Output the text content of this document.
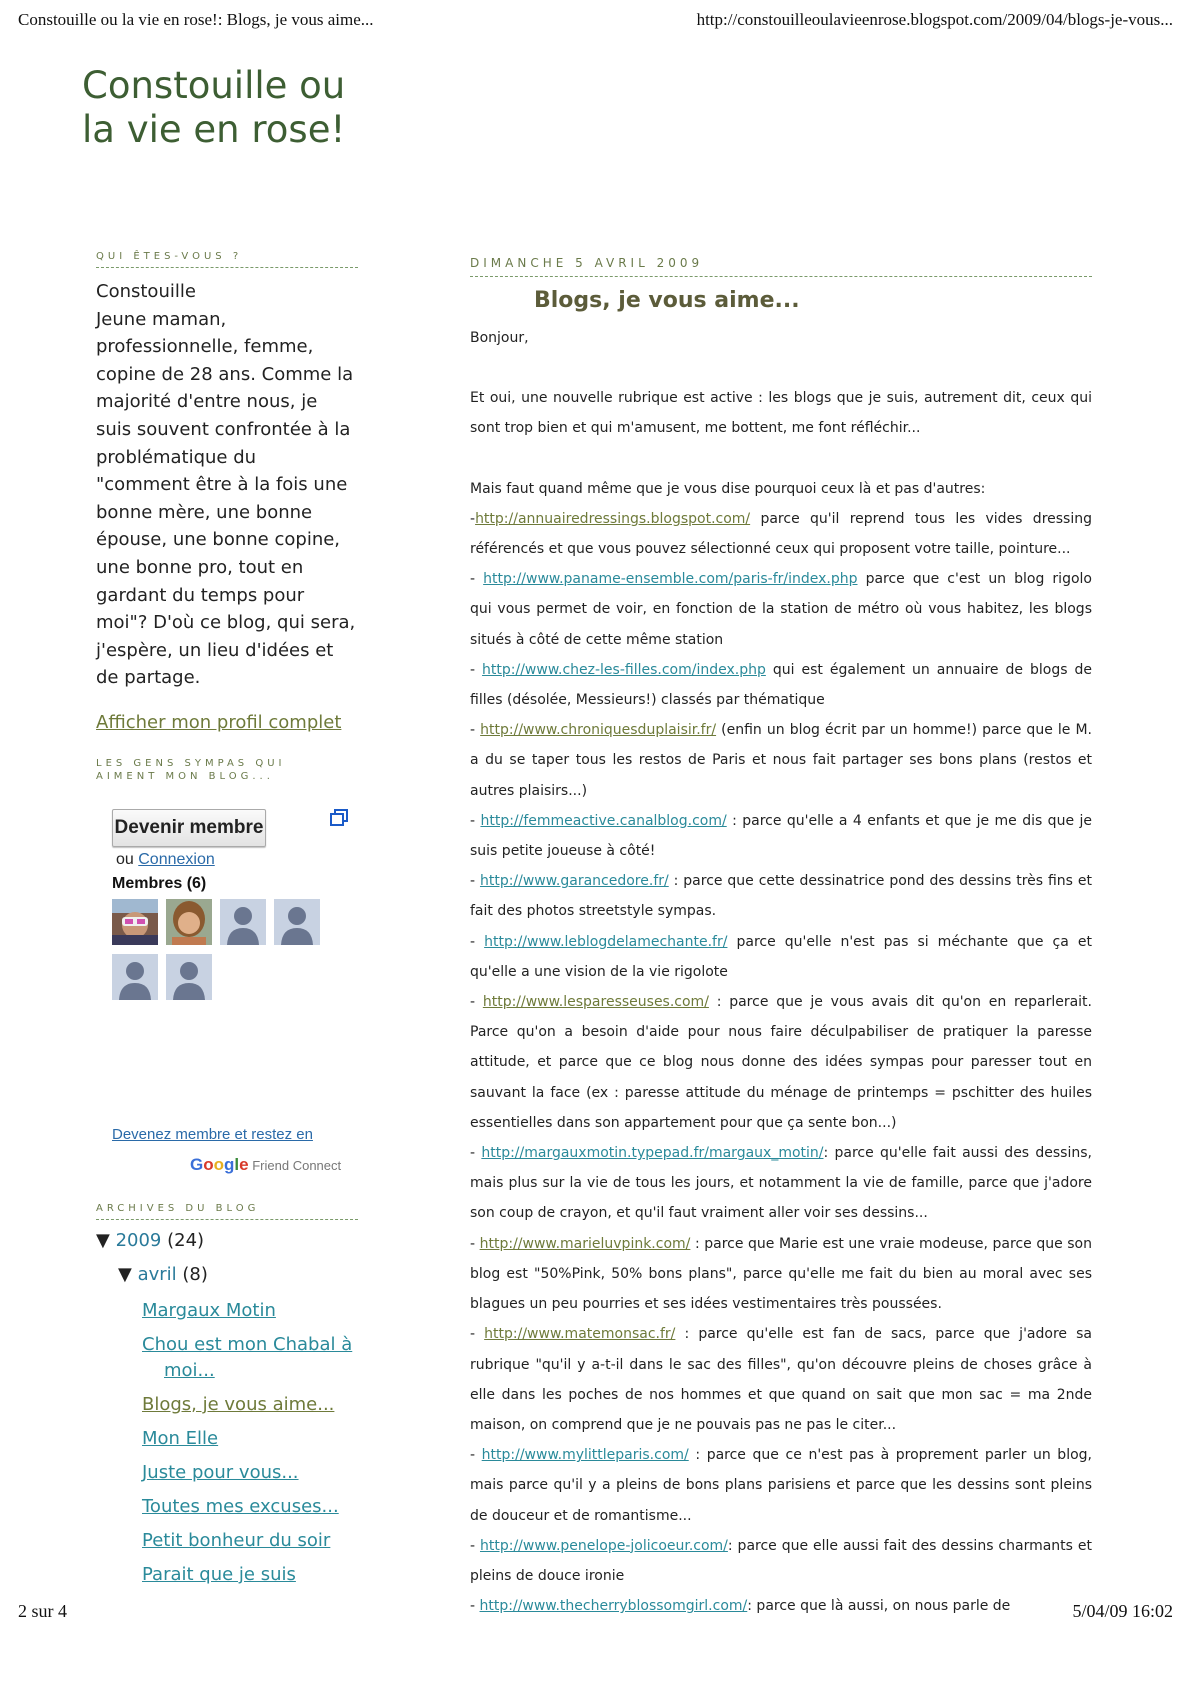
Constouille ou la vie en rose!: Blogs, je vous aime...	http://constouilleoulavieenrose.blogspot.com/2009/04/blogs-je-vous...
Constouille ou
la vie en rose!
QUI ÊTES-VOUS ?
Constouille
Jeune maman,
professionnelle, femme,
copine de 28 ans. Comme la
majorité d'entre nous, je
suis souvent confrontée à la
problématique du
"comment être à la fois une
bonne mère, une bonne
épouse, une bonne copine,
une bonne pro, tout en
gardant du temps pour
moi"? D'où ce blog, qui sera,
j'espère, un lieu d'idées et
de partage.
Afficher mon profil complet
LES GENS SYMPAS QUI AIMENT MON BLOG...
Devenir membre
ou Connexion
Membres (6)
Devenez membre et restez en
Google Friend Connect
ARCHIVES DU BLOG
▼ 2009 (24)
▼ avril (8)
Margaux Motin
Chou est mon Chabal à moi...
Blogs, je vous aime...
Mon Elle
Juste pour vous...
Toutes mes excuses...
Petit bonheur du soir
Parait que je suis
DIMANCHE 5 AVRIL 2009
Blogs, je vous aime...

Bonjour,

Et oui, une nouvelle rubrique est active : les blogs que je suis, autrement dit, ceux qui sont trop bien et qui m'amusent, me bottent, me font réfléchir...

Mais faut quand même que je vous dise pourquoi ceux là et pas d'autres:

-http://annuairedressings.blogspot.com/ parce qu'il reprend tous les vides dressing référencés et que vous pouvez sélectionné ceux qui proposent votre taille, pointure...

- http://www.paname-ensemble.com/paris-fr/index.php parce que c'est un blog rigolo qui vous permet de voir, en fonction de la station de métro où vous habitez, les blogs situés à côté de cette même station

- http://www.chez-les-filles.com/index.php qui est également un annuaire de blogs de filles (désolée, Messieurs!) classés par thématique

- http://www.chroniquesduplaisir.fr/ (enfin un blog écrit par un homme!) parce que le M. a du se taper tous les restos de Paris et nous fait partager ses bons plans (restos et autres plaisirs...)

- http://femmeactive.canalblog.com/ : parce qu'elle a 4 enfants et que je me dis que je suis petite joueuse à côté!

- http://www.garancedore.fr/ : parce que cette dessinatrice pond des dessins très fins et fait des photos streetstyle sympas.

- http://www.leblogdelamechante.fr/ parce qu'elle n'est pas si méchante que ça et qu'elle a une vision de la vie rigolote

- http://www.lesparesseuses.com/ : parce que je vous avais dit qu'on en reparlerait. Parce qu'on a besoin d'aide pour nous faire déculpabiliser de pratiquer la paresse attitude, et parce que ce blog nous donne des idées sympas pour paresser tout en sauvant la face (ex : paresse attitude du ménage de printemps = pschitter des huiles essentielles dans son appartement pour que ça sente bon...)

- http://margauxmotin.typepad.fr/margaux_motin/: parce qu'elle fait aussi des dessins, mais plus sur la vie de tous les jours, et notamment la vie de famille, parce que j'adore son coup de crayon, et qu'il faut vraiment aller voir ses dessins...

- http://www.marieluvpink.com/ : parce que Marie est une vraie modeuse, parce que son blog est "50%Pink, 50% bons plans", parce qu'elle me fait du bien au moral avec ses blagues un peu pourries et ses idées vestimentaires très poussées.

- http://www.matemonsac.fr/ : parce qu'elle est fan de sacs, parce que j'adore sa rubrique "qu'il y a-t-il dans le sac des filles", qu'on découvre pleins de choses grâce à elle dans les poches de nos hommes et que quand on sait que mon sac = ma 2nde maison, on comprend que je ne pouvais pas ne pas le citer...

- http://www.mylittleparis.com/ : parce que ce n'est pas à proprement parler un blog, mais parce qu'il y a pleins de bons plans parisiens et parce que les dessins sont pleins de douceur et de romantisme...

- http://www.penelope-jolicoeur.com/: parce que elle aussi fait des dessins charmants et pleins de douce ironie

- http://www.thecherryblossomgirl.com/: parce que là aussi, on nous parle de

2 sur 4	5/04/09 16:02
